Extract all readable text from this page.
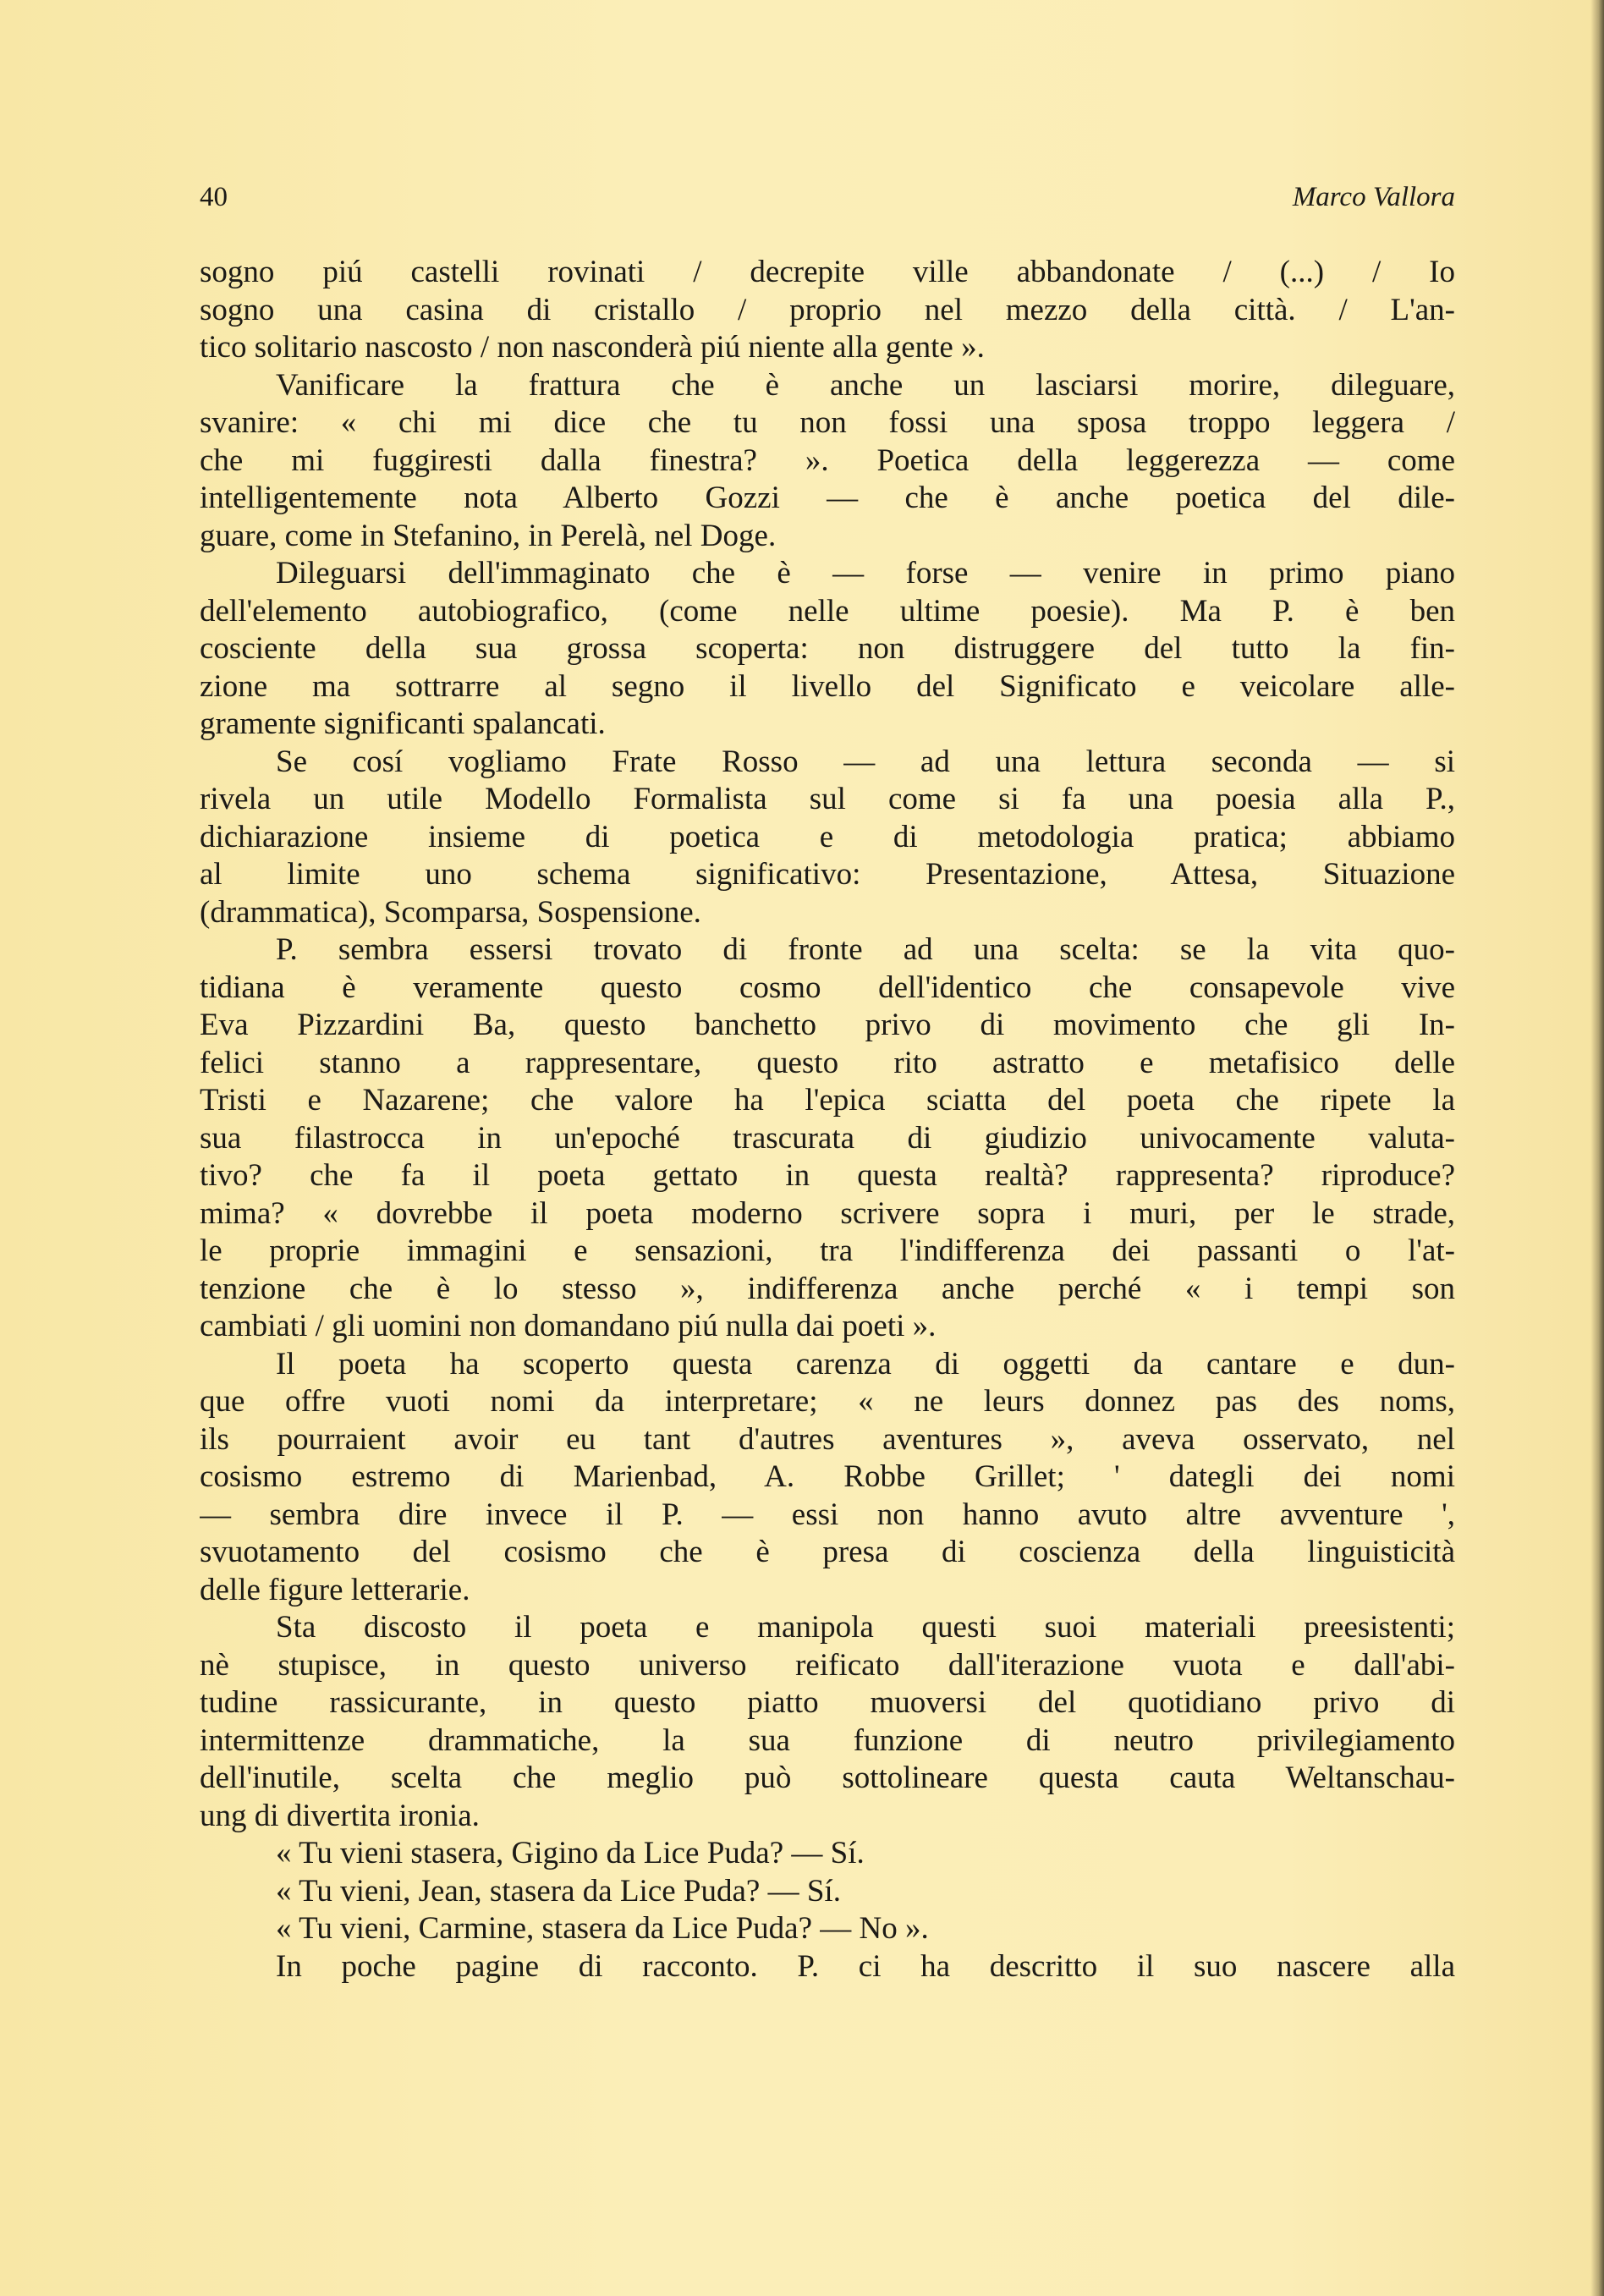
40	Marco Vallora
sogno piú castelli rovinati / decrepite ville abbandonate / (...) / Io
sogno una casina di cristallo / proprio nel mezzo della città. / L'an-
tico solitario nascosto / non nasconderà piú niente alla gente ».
Vanificare la frattura che è anche un lasciarsi morire, dileguare,
svanire: « chi mi dice che tu non fossi una sposa troppo leggera /
che mi fuggiresti dalla finestra? ». Poetica della leggerezza — come
intelligentemente nota Alberto Gozzi — che è anche poetica del dile-
guare, come in Stefanino, in Perelà, nel Doge.
Dileguarsi dell'immaginato che è — forse — venire in primo piano
dell'elemento autobiografico, (come nelle ultime poesie). Ma P. è ben
cosciente della sua grossa scoperta: non distruggere del tutto la fin-
zione ma sottrarre al segno il livello del Significato e veicolare alle-
gramente significanti spalancati.
Se cosí vogliamo Frate Rosso — ad una lettura seconda — si
rivela un utile Modello Formalista sul come si fa una poesia alla P.,
dichiarazione insieme di poetica e di metodologia pratica; abbiamo
al limite uno schema significativo: Presentazione, Attesa, Situazione
(drammatica), Scomparsa, Sospensione.
P. sembra essersi trovato di fronte ad una scelta: se la vita quo-
tidiana è veramente questo cosmo dell'identico che consapevole vive
Eva Pizzardini Ba, questo banchetto privo di movimento che gli In-
felici stanno a rappresentare, questo rito astratto e metafisico delle
Tristi e Nazarene; che valore ha l'epica sciatta del poeta che ripete la
sua filastrocca in un'epoché trascurata di giudizio univocamente valuta-
tivo? che fa il poeta gettato in questa realtà? rappresenta? riproduce?
mima? « dovrebbe il poeta moderno scrivere sopra i muri, per le strade,
le proprie immagini e sensazioni, tra l'indifferenza dei passanti o l'at-
tenzione che è lo stesso », indifferenza anche perché « i tempi son
cambiati / gli uomini non domandano piú nulla dai poeti ».
Il poeta ha scoperto questa carenza di oggetti da cantare e dun-
que offre vuoti nomi da interpretare; « ne leurs donnez pas des noms,
ils pourraient avoir eu tant d'autres aventures », aveva osservato, nel
cosismo estremo di Marienbad, A. Robbe Grillet; ' dategli dei nomi
— sembra dire invece il P. — essi non hanno avuto altre avventure ',
svuotamento del cosismo che è presa di coscienza della linguisticità
delle figure letterarie.
Sta discosto il poeta e manipola questi suoi materiali preesistenti;
nè stupisce, in questo universo reificato dall'iterazione vuota e dall'abi-
tudine rassicurante, in questo piatto muoversi del quotidiano privo di
intermittenze drammatiche, la sua funzione di neutro privilegiamento
dell'inutile, scelta che meglio può sottolineare questa cauta Weltanschau-
ung di divertita ironia.
« Tu vieni stasera, Gigino da Lice Puda? — Sí.
« Tu vieni, Jean, stasera da Lice Puda? — Sí.
« Tu vieni, Carmine, stasera da Lice Puda? — No ».
In poche pagine di racconto. P. ci ha descritto il suo nascere alla
